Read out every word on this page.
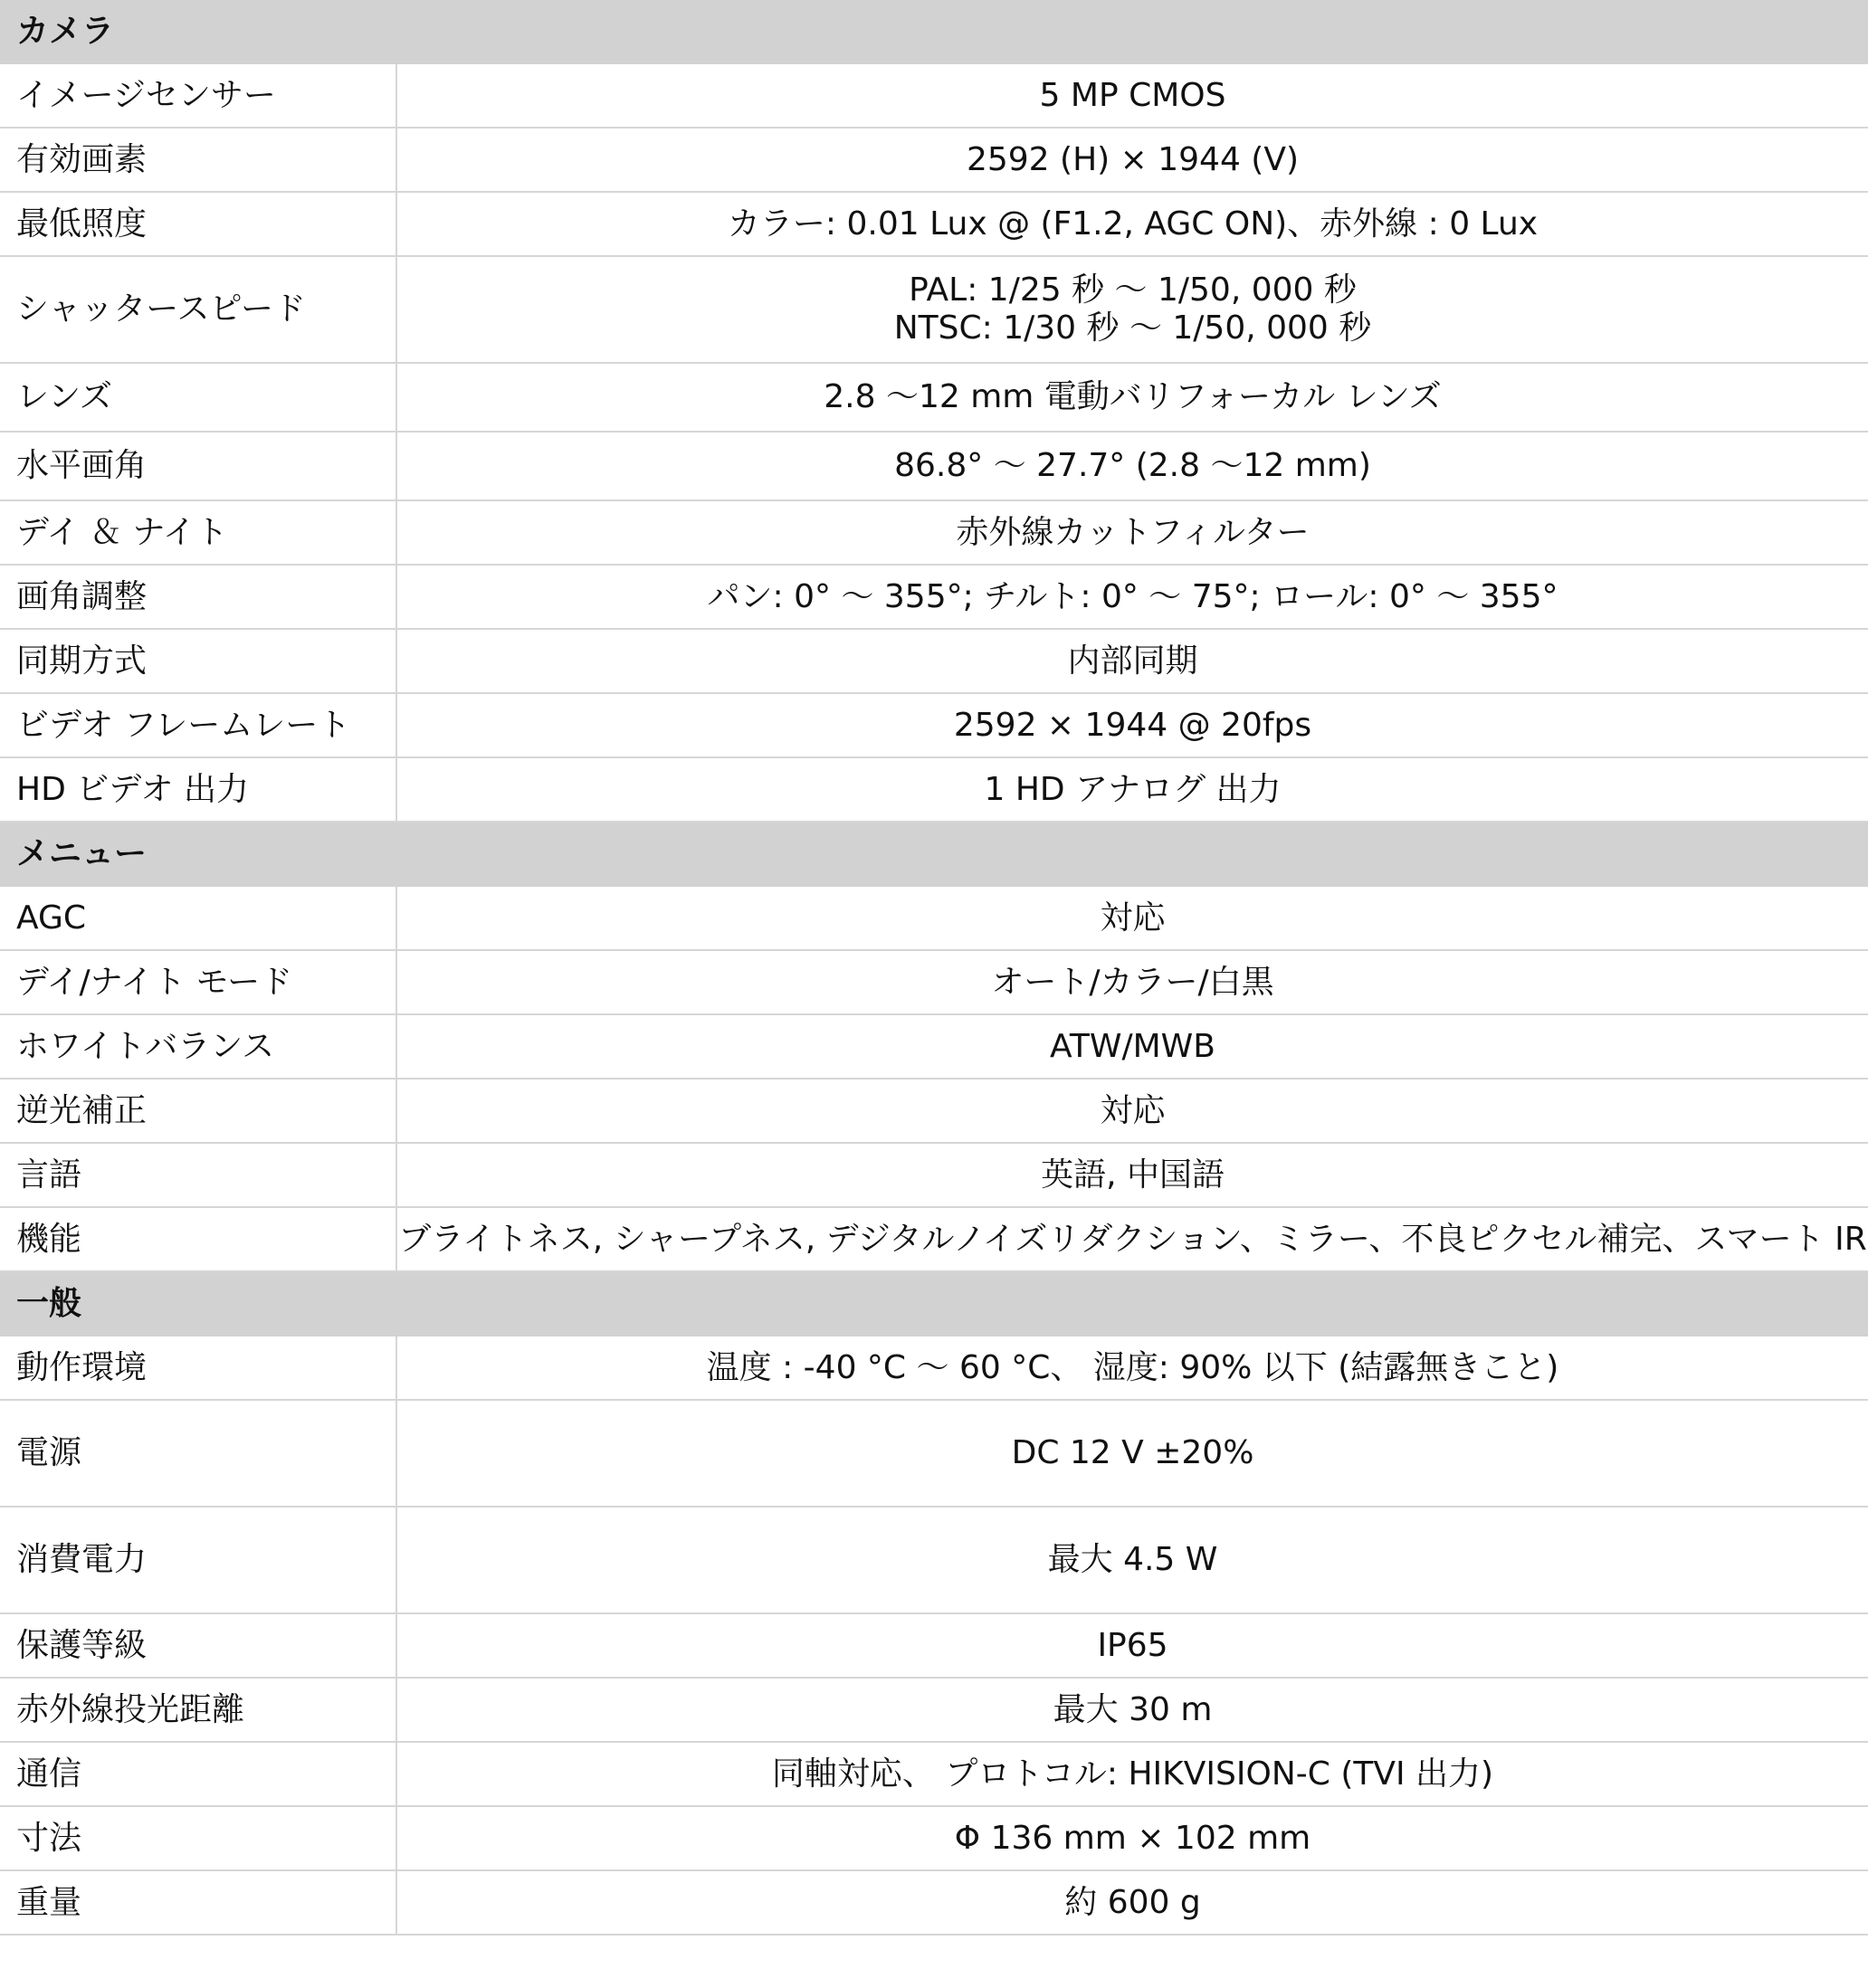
カメラ	
イメージセンサー	5 MP CMOS
有効画素	2592 (H) × 1944 (V)
最低照度	カラー: 0.01 Lux @ (F1.2, AGC ON)、赤外線 : 0 Lux
シャッタースピード	PAL: 1/25 秒 ～ 1/50, 000 秒
NTSC: 1/30 秒 ～ 1/50, 000 秒

レンズ	2.8 ～12 mm 電動バリフォーカル レンズ
水平画角	86.8° ～ 27.7° (2.8 ～12 mm)
デイ ＆ ナイト	赤外線カットフィルター
画角調整	パン: 0° ～ 355°; チルト: 0° ～ 75°; ロール: 0° ～ 355°
同期方式	内部同期
ビデオ フレームレート	2592 × 1944 @ 20fps
HD ビデオ 出力	1 HD アナログ 出力
メニュー	
AGC	対応
デイ/ナイト モード	オート/カラー/白黒
ホワイトバランス	ATW/MWB
逆光補正	対応
言語	英語, 中国語
機能	ブライトネス, シャープネス, デジタルノイズリダクション、ミラー、不良ピクセル補完、スマート IR
一般	
動作環境	温度 : -40 °C ～ 60 °C、 湿度: 90% 以下 (結露無きこと)
電源	DC 12 V ±20%
消費電力	最大 4.5 W
保護等級	IP65
赤外線投光距離	最大 30 m
通信	同軸対応、 プロトコル: HIKVISION-C (TVI 出力)
寸法	Φ 136 mm × 102 mm
重量	約 600 g
